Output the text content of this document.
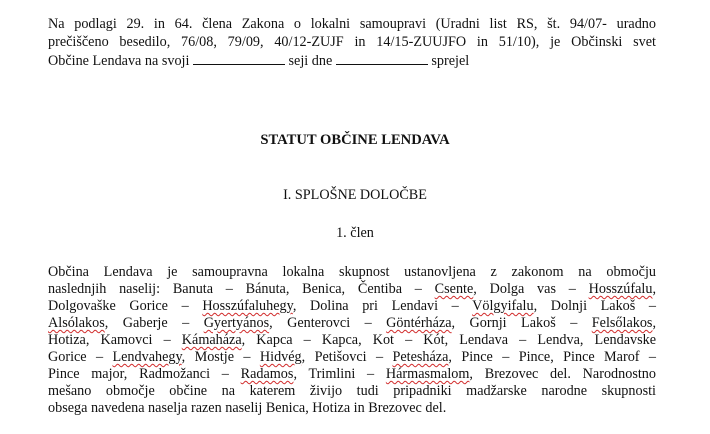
Na podlagi 29. in 64. člena Zakona o lokalni samoupravi (Uradni list RS, št. 94/07- uradno
prečiščeno besedilo, 76/08, 79/09, 40/12-ZUJF in 14/15-ZUUJFO in 51/10), je Občinski svet
Občine Lendava na svoji	seji dne	sprejel
STATUT OBČINE LENDAVA
I. SPLOŠNE DOLOČBE
1. člen
Občina Lendava je samoupravna lokalna skupnost ustanovljena z zakonom na območju
naslednjih naselij: Banuta – Bánuta, Benica, Čentiba – Csente, Dolga vas – Hosszúfalu,
Dolgovaške Gorice – Hosszúfaluhegy, Dolina pri Lendavi – Völgyifalu, Dolnji Lakoš –
Alsólakos, Gaberje – Gyertyános, Genterovci – Göntérháza, Gornji Lakoš – Felsőlakos,
Hotiza, Kamovci – Kámaháza, Kapca – Kapca, Kot – Kót, Lendava – Lendva, Lendavske
Gorice – Lendvahegy, Mostje – Hidvég, Petišovci – Petesháza, Pince – Pince, Pince Marof –
Pince major, Radmožanci – Radamos, Trimlini – Hármasmalom, Brezovec del. Narodnostno
mešano območje občine na katerem živijo tudi pripadniki madžarske narodne skupnosti
obsega navedena naselja razen naselij Benica, Hotiza in Brezovec del.
